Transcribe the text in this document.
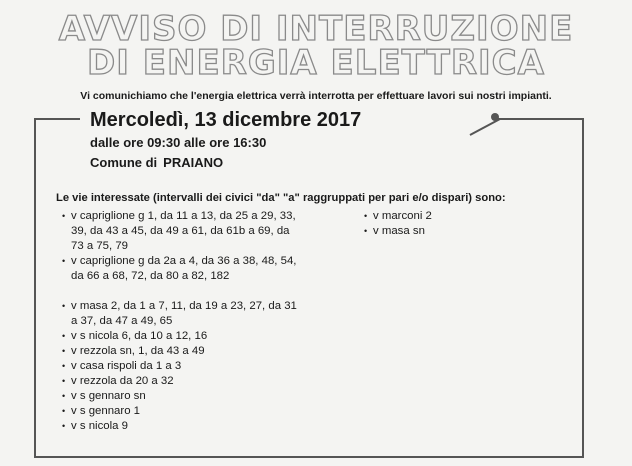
AVVISO DI INTERRUZIONE
DI ENERGIA ELETTRICA
Vi comunichiamo che l'energia elettrica verrà interrotta per effettuare lavori sui nostri impianti.
Mercoledì, 13 dicembre 2017
dalle ore 09:30 alle ore 16:30
Comune di PRAIANO
Le vie interessate (intervalli dei civici "da" "a" raggruppati per pari e/o dispari) sono:
• v capriglione g 1, da 11 a 13, da 25 a 29, 33, 39, da 43 a 45, da 49 a 61, da 61b a 69, da 73 a 75, 79
• v capriglione g da 2a a 4, da 36 a 38, 48, 54, da 66 a 68, 72, da 80 a 82, 182
• v masa 2, da 1 a 7, 11, da 19 a 23, 27, da 31 a 37, da 47 a 49, 65
• v s nicola 6, da 10 a 12, 16
• v rezzola sn, 1, da 43 a 49
• v casa rispoli da 1 a 3
• v rezzola da 20 a 32
• v s gennaro sn
• v s gennaro 1
• v s nicola 9
• v marconi 2
• v masa sn
